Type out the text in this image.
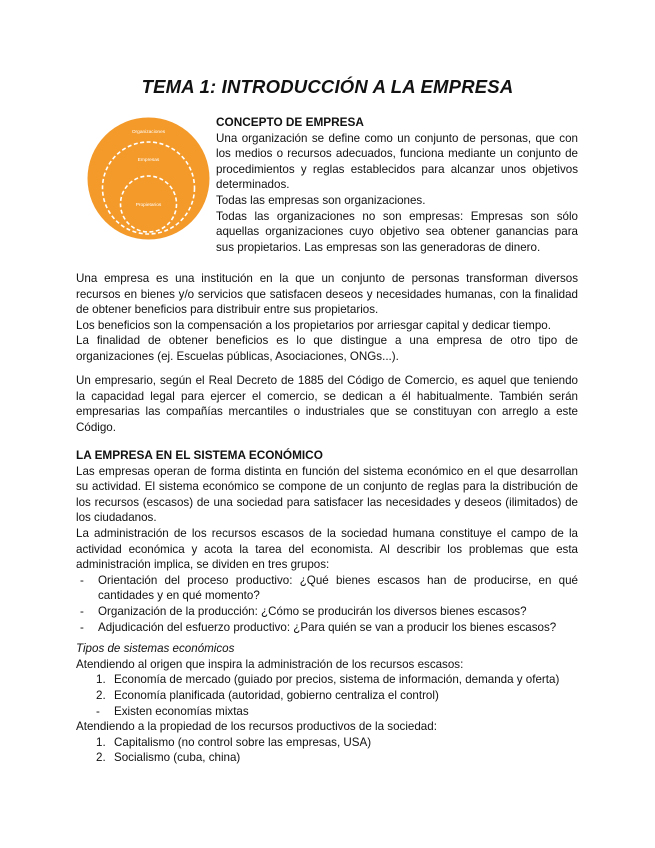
TEMA 1: INTRODUCCIÓN A LA EMPRESA
Organizaciones
Empresas
Propietarios

CONCEPTO DE EMPRESA

Una organización se define como un conjunto de personas, que con los medios o recursos adecuados, funciona mediante un conjunto de procedimientos y reglas establecidos para alcanzar unos objetivos determinados.

Todas las empresas son organizaciones.

Todas las organizaciones no son empresas: Empresas son sólo aquellas organizaciones cuyo objetivo sea obtener ganancias para sus propietarios. Las empresas son las generadoras de dinero.

Una empresa es una institución en la que un conjunto de personas transforman diversos recursos en bienes y/o servicios que satisfacen deseos y necesidades humanas, con la finalidad de obtener beneficios para distribuir entre sus propietarios.

Los beneficios son la compensación a los propietarios por arriesgar capital y dedicar tiempo.

La finalidad de obtener beneficios es lo que distingue a una empresa de otro tipo de organizaciones (ej. Escuelas públicas, Asociaciones, ONGs...).

Un empresario, según el Real Decreto de 1885 del Código de Comercio, es aquel que teniendo la capacidad legal para ejercer el comercio, se dedican a él habitualmente. También serán empresarias las compañías mercantiles o industriales que se constituyan con arreglo a este Código.

LA EMPRESA EN EL SISTEMA ECONÓMICO

Las empresas operan de forma distinta en función del sistema económico en el que desarrollan su actividad. El sistema económico se compone de un conjunto de reglas para la distribución de los recursos (escasos) de una sociedad para satisfacer las necesidades y deseos (ilimitados) de los ciudadanos.

La administración de los recursos escasos de la sociedad humana constituye el campo de la actividad económica y acota la tarea del economista. Al describir los problemas que esta administración implica, se dividen en tres grupos:

- Orientación del proceso productivo: ¿Qué bienes escasos han de producirse, en qué cantidades y en qué momento?
- Organización de la producción: ¿Cómo se producirán los diversos bienes escasos?
- Adjudicación del esfuerzo productivo: ¿Para quién se van a producir los bienes escasos?

Tipos de sistemas económicos

Atendiendo al origen que inspira la administración de los recursos escasos:

1. Economía de mercado (guiado por precios, sistema de información, demanda y oferta)
2. Economía planificada (autoridad, gobierno centraliza el control)
- Existen economías mixtas

Atendiendo a la propiedad de los recursos productivos de la sociedad:

1. Capitalismo (no control sobre las empresas, USA)
2. Socialismo (cuba, china)
